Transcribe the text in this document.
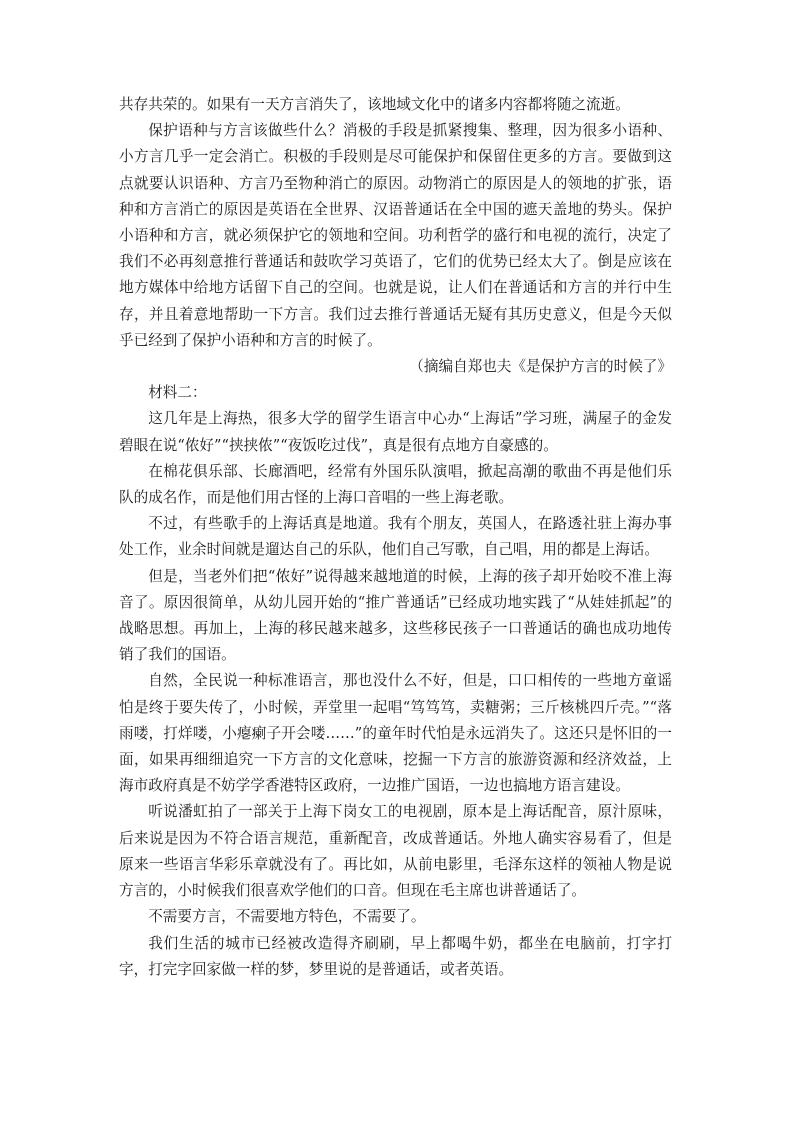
共存共荣的。如果有一天方言消失了，该地域文化中的诸多内容都将随之流逝。

保护语种与方言该做些什么？消极的手段是抓紧搜集、整理，因为很多小语种、小方言几乎一定会消亡。积极的手段则是尽可能保护和保留住更多的方言。要做到这点就要认识语种、方言乃至物种消亡的原因。动物消亡的原因是人的领地的扩张，语种和方言消亡的原因是英语在全世界、汉语普通话在全中国的遮天盖地的势头。保护小语种和方言，就必须保护它的领地和空间。功利哲学的盛行和电视的流行，决定了我们不必再刻意推行普通话和鼓吹学习英语了，它们的优势已经太大了。倒是应该在地方媒体中给地方话留下自己的空间。也就是说，让人们在普通话和方言的并行中生存，并且着意地帮助一下方言。我们过去推行普通话无疑有其历史意义，但是今天似乎已经到了保护小语种和方言的时候了。

（摘编自郑也夫《是保护方言的时候了》

材料二：

这几年是上海热，很多大学的留学生语言中心办“上海话”学习班，满屋子的金发碧眼在说“侬好”“挟挟侬”“夜饭吃过伐”，真是很有点地方自豪感的。

在棉花俱乐部、长廊酒吧，经常有外国乐队演唱，掀起高潮的歌曲不再是他们乐队的成名作，而是他们用古怪的上海口音唱的一些上海老歌。

不过，有些歌手的上海话真是地道。我有个朋友，英国人，在路透社驻上海办事处工作，业余时间就是遛达自己的乐队，他们自己写歌，自己唱，用的都是上海话。

但是，当老外们把“侬好”说得越来越地道的时候，上海的孩子却开始咬不准上海音了。原因很简单，从幼儿园开始的“推广普通话”已经成功地实践了“从娃娃抓起”的战略思想。再加上，上海的移民越来越多，这些移民孩子一口普通话的确也成功地传销了我们的国语。

自然，全民说一种标准语言，那也没什么不好，但是，口口相传的一些地方童谣怕是终于要失传了，小时候，弄堂里一起唱“笃笃笃，卖糖粥；三斤核桃四斤壳。”“落雨喽，打烊喽，小瘪瘌子开会喽……”的童年时代怕是永远消失了。这还只是怀旧的一面，如果再细细追究一下方言的文化意味，挖掘一下方言的旅游资源和经济效益，上海市政府真是不妨学学香港特区政府，一边推广国语，一边也搞地方语言建设。

听说潘虹拍了一部关于上海下岗女工的电视剧，原本是上海话配音，原汁原味，后来说是因为不符合语言规范，重新配音，改成普通话。外地人确实容易看了，但是原来一些语言华彩乐章就没有了。再比如，从前电影里，毛泽东这样的领袖人物是说方言的，小时候我们很喜欢学他们的口音。但现在毛主席也讲普通话了。

不需要方言，不需要地方特色，不需要了。

我们生活的城市已经被改造得齐刷刷，早上都喝牛奶，都坐在电脑前，打字打字，打完字回家做一样的梦，梦里说的是普通话，或者英语。
